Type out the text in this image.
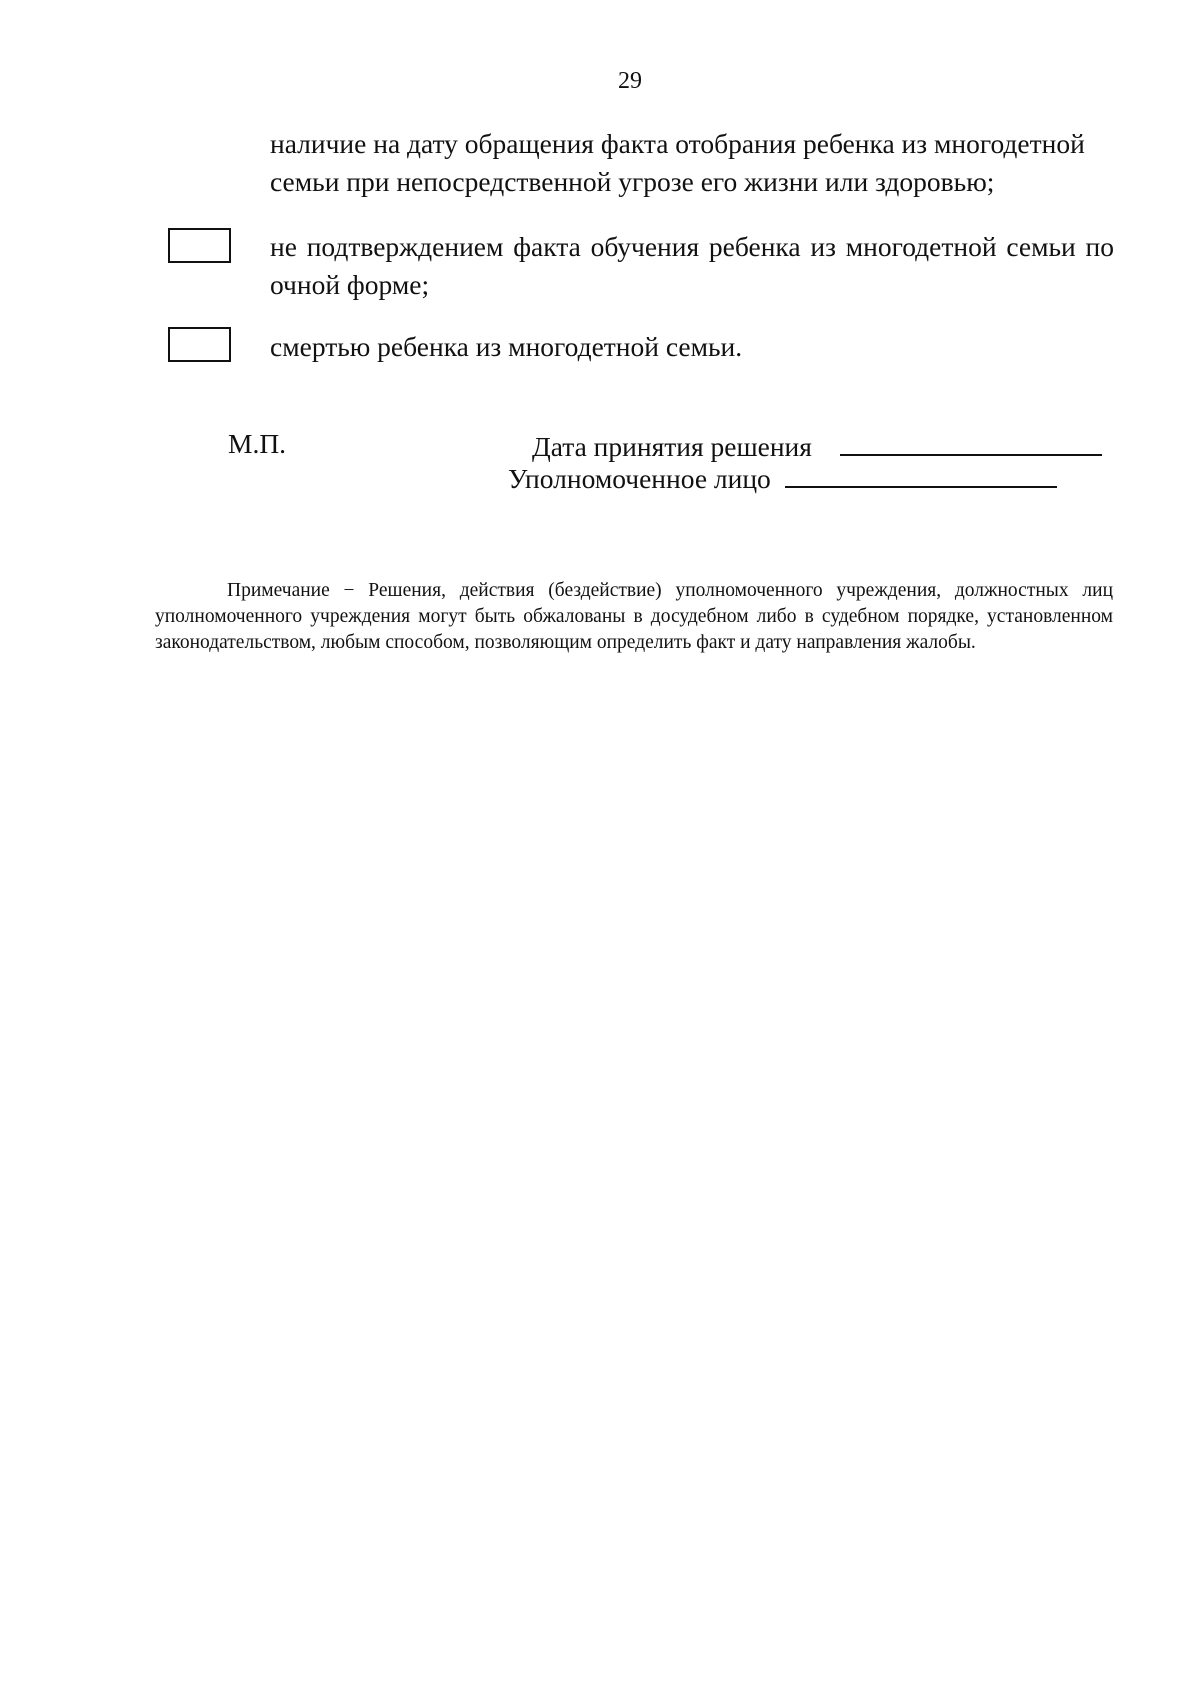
29
наличие на дату обращения факта отобрания ребенка из многодетной семьи при непосредственной угрозе его жизни или здоровью;
не подтверждением факта обучения ребенка из многодетной семьи по очной форме;
смертью ребенка из многодетной семьи.
М.П.	Дата принятия решения
Уполномоченное лицо
Примечание − Решения, действия (бездействие) уполномоченного учреждения, должностных лиц уполномоченного учреждения могут быть обжалованы в досудебном либо в судебном порядке, установленном законодательством, любым способом, позволяющим определить факт и дату направления жалобы.
